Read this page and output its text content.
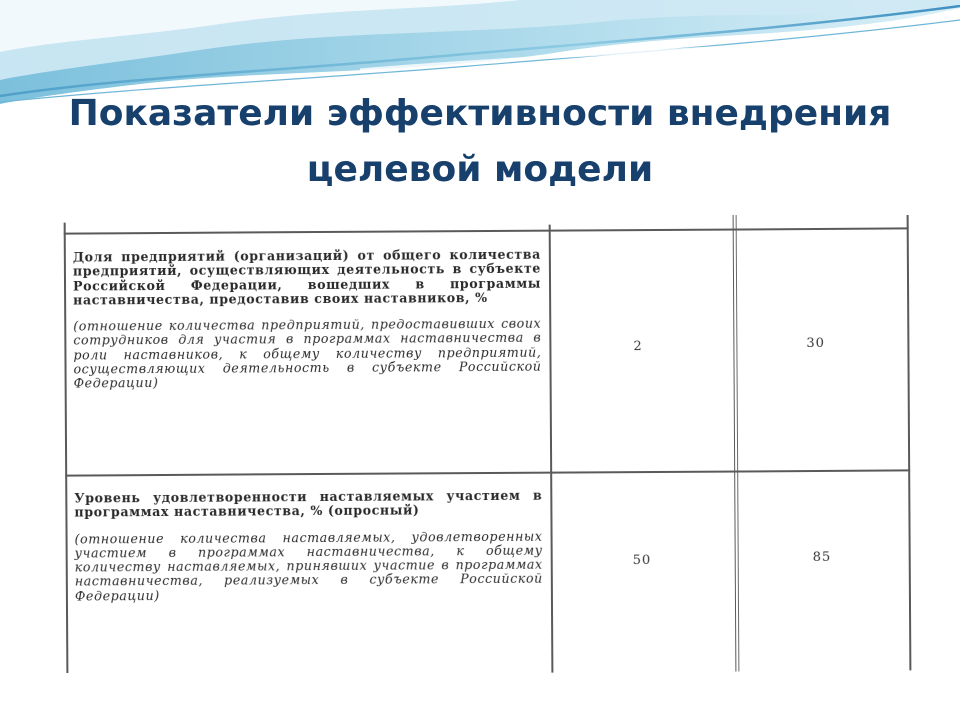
Показатели эффективности внедрения
целевой модели
Доля предприятий (организаций) от общего количества предприятий, осуществляющих деятельность в субъекте Российской Федерации, вошедших в программы наставничества, предоставив своих наставников, %
(отношение количества предприятий, предоставивших своих сотрудников для участия в программах наставничества в роли наставников, к общему количеству предприятий, осуществляющих деятельность в субъекте Российской Федерации)
2	30
Уровень удовлетворенности наставляемых участием в программах наставничества, % (опросный)
(отношение количества наставляемых, удовлетворенных участием в программах наставничества, к общему количеству наставляемых, принявших участие в программах наставничества, реализуемых в субъекте Российской Федерации)
50	85
